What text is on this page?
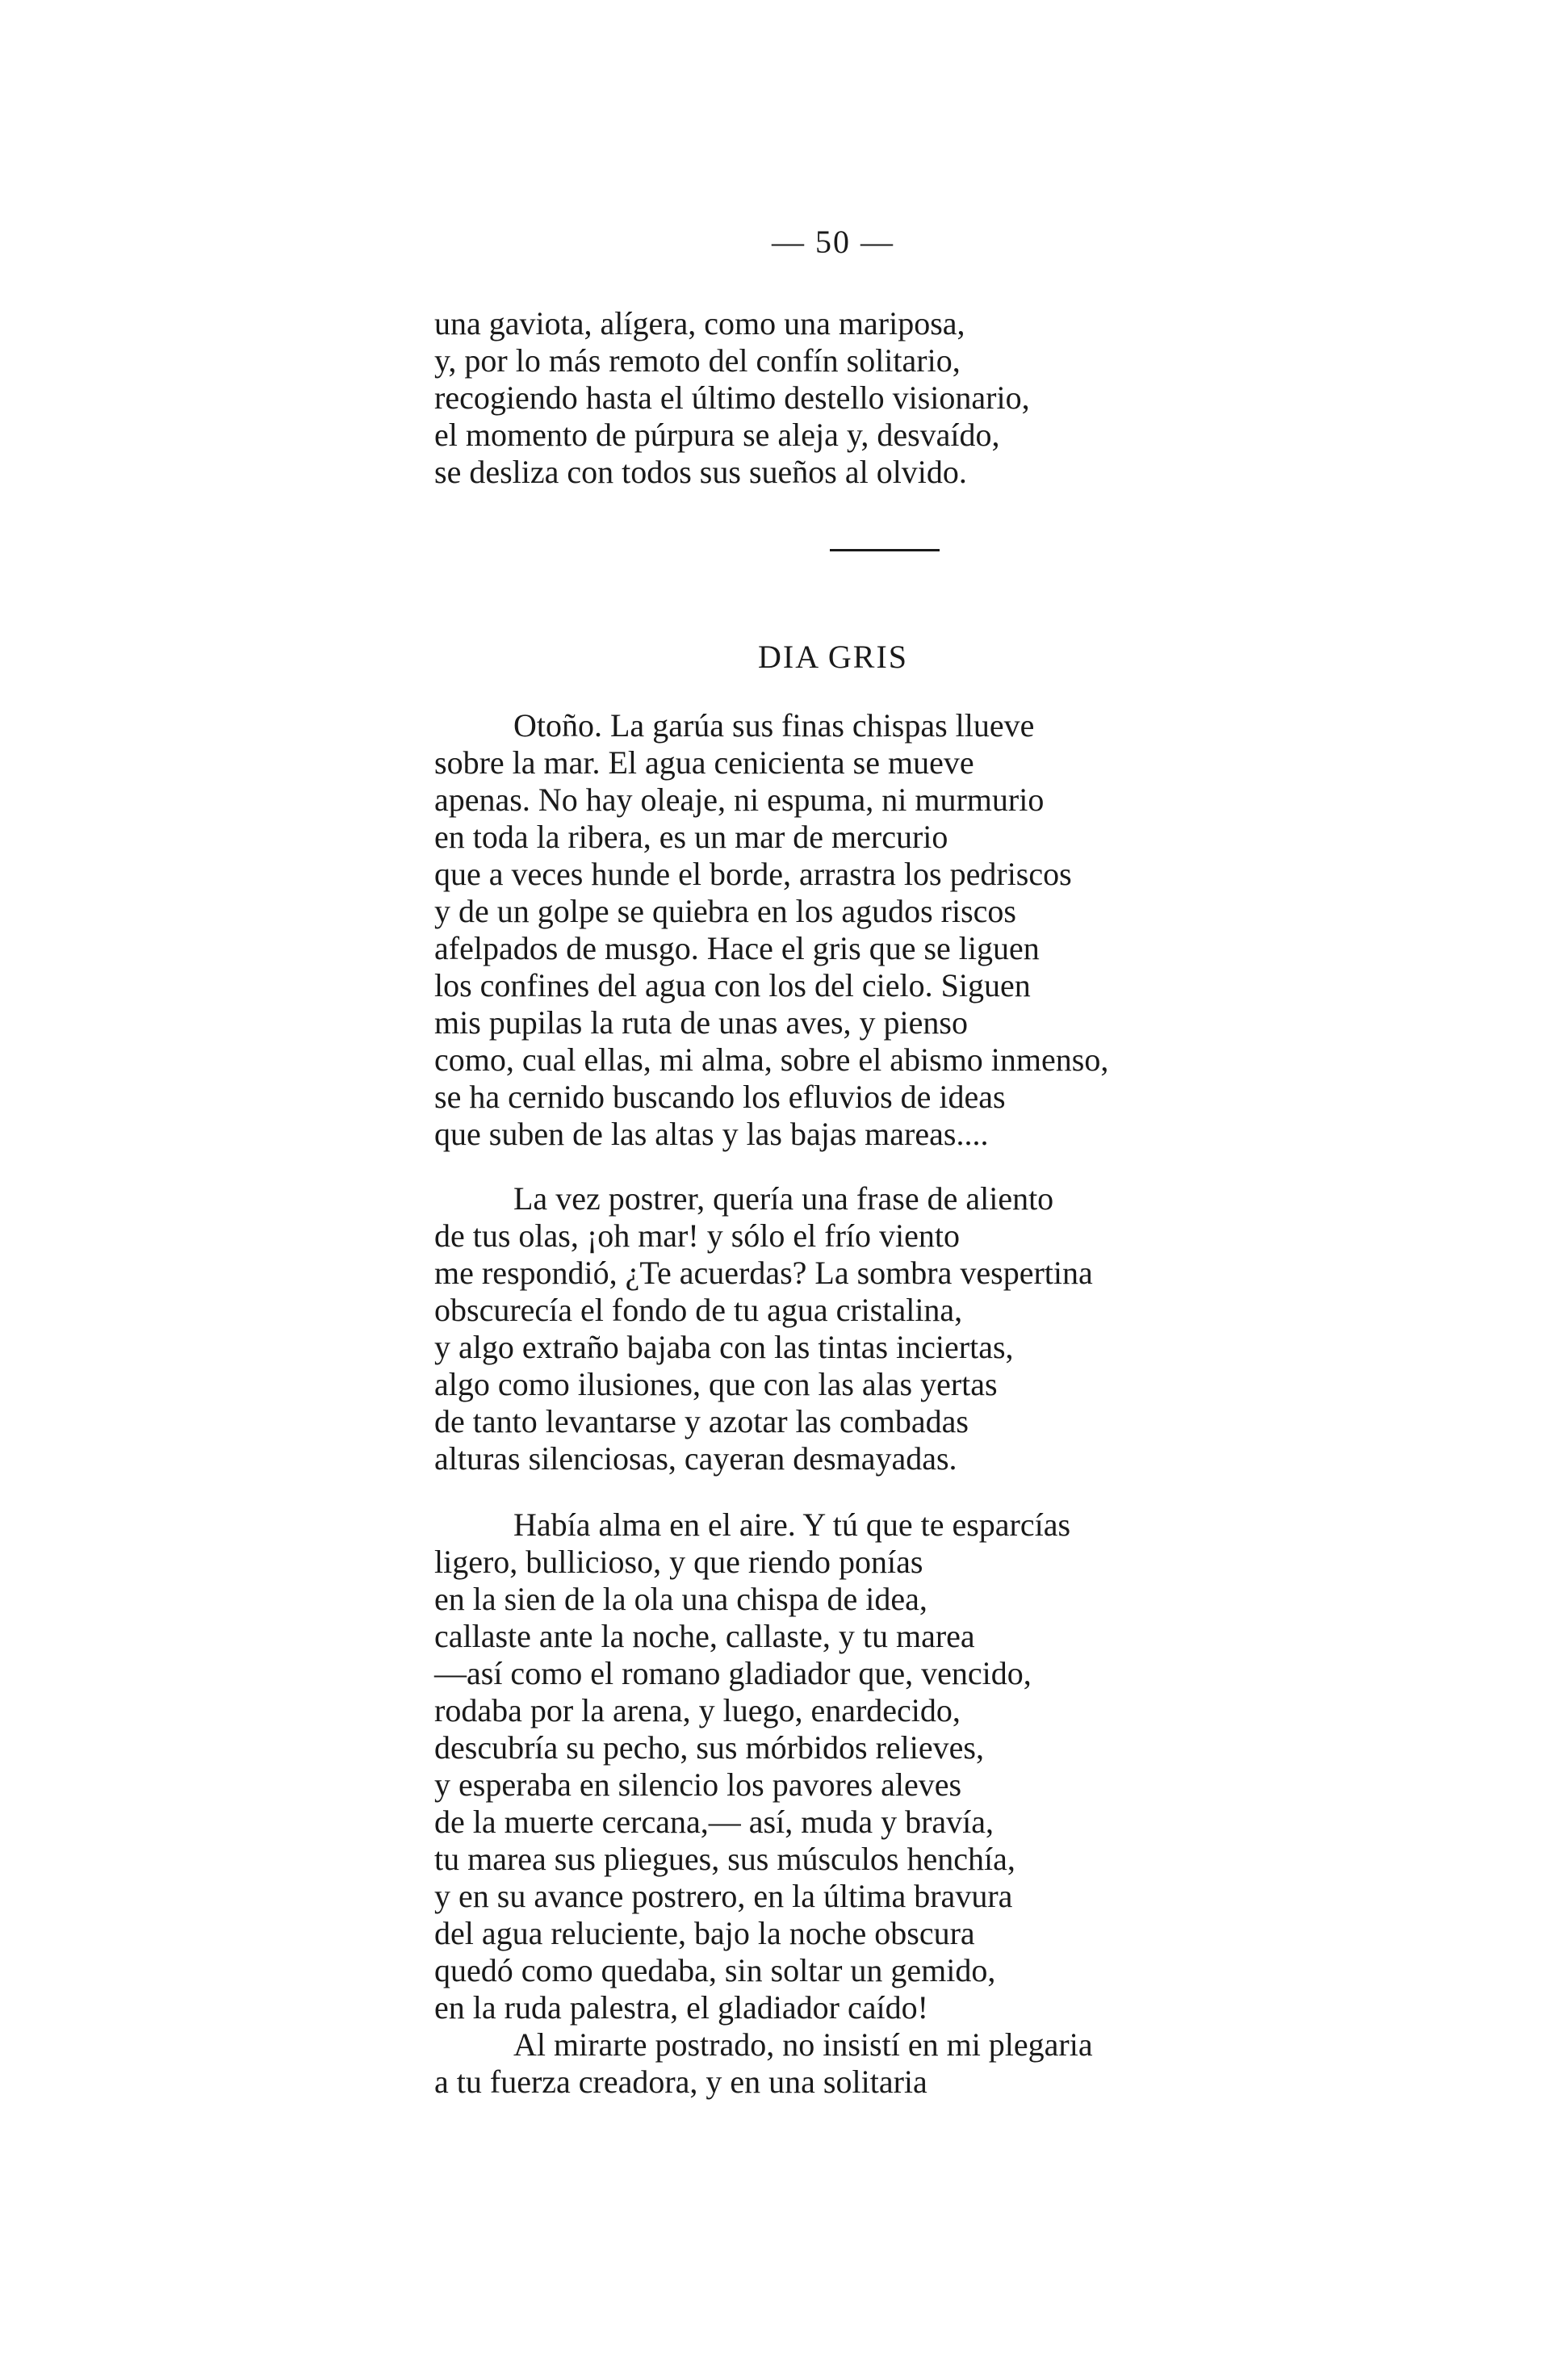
— 50 —
una gaviota, alígera, como una mariposa,
y, por lo más remoto del confín solitario,
recogiendo hasta el último destello visionario,
el momento de púrpura se aleja y, desvaído,
se desliza con todos sus sueños al olvido.
DIA GRIS
Otoño. La garúa sus finas chispas llueve
sobre la mar. El agua cenicienta se mueve
apenas. No hay oleaje, ni espuma, ni murmurio
en toda la ribera, es un mar de mercurio
que a veces hunde el borde, arrastra los pedriscos
y de un golpe se quiebra en los agudos riscos
afelpados de musgo. Hace el gris que se liguen
los confines del agua con los del cielo. Siguen
mis pupilas la ruta de unas aves, y pienso
como, cual ellas, mi alma, sobre el abismo inmenso,
se ha cernido buscando los efluvios de ideas
que suben de las altas y las bajas mareas....
La vez postrer, quería una frase de aliento
de tus olas, ¡oh mar! y sólo el frío viento
me respondió, ¿Te acuerdas? La sombra vespertina
obscurecía el fondo de tu agua cristalina,
y algo extraño bajaba con las tintas inciertas,
algo como ilusiones, que con las alas yertas
de tanto levantarse y azotar las combadas
alturas silenciosas, cayeran desmayadas.
Había alma en el aire. Y tú que te esparcías
ligero, bullicioso, y que riendo ponías
en la sien de la ola una chispa de idea,
callaste ante la noche, callaste, y tu marea
—así como el romano gladiador que, vencido,
rodaba por la arena, y luego, enardecido,
descubría su pecho, sus mórbidos relieves,
y esperaba en silencio los pavores aleves
de la muerte cercana,— así, muda y bravía,
tu marea sus pliegues, sus músculos henchía,
y en su avance postrero, en la última bravura
del agua reluciente, bajo la noche obscura
quedó como quedaba, sin soltar un gemido,
en la ruda palestra, el gladiador caído!
Al mirarte postrado, no insistí en mi plegaria
a tu fuerza creadora, y en una solitaria
